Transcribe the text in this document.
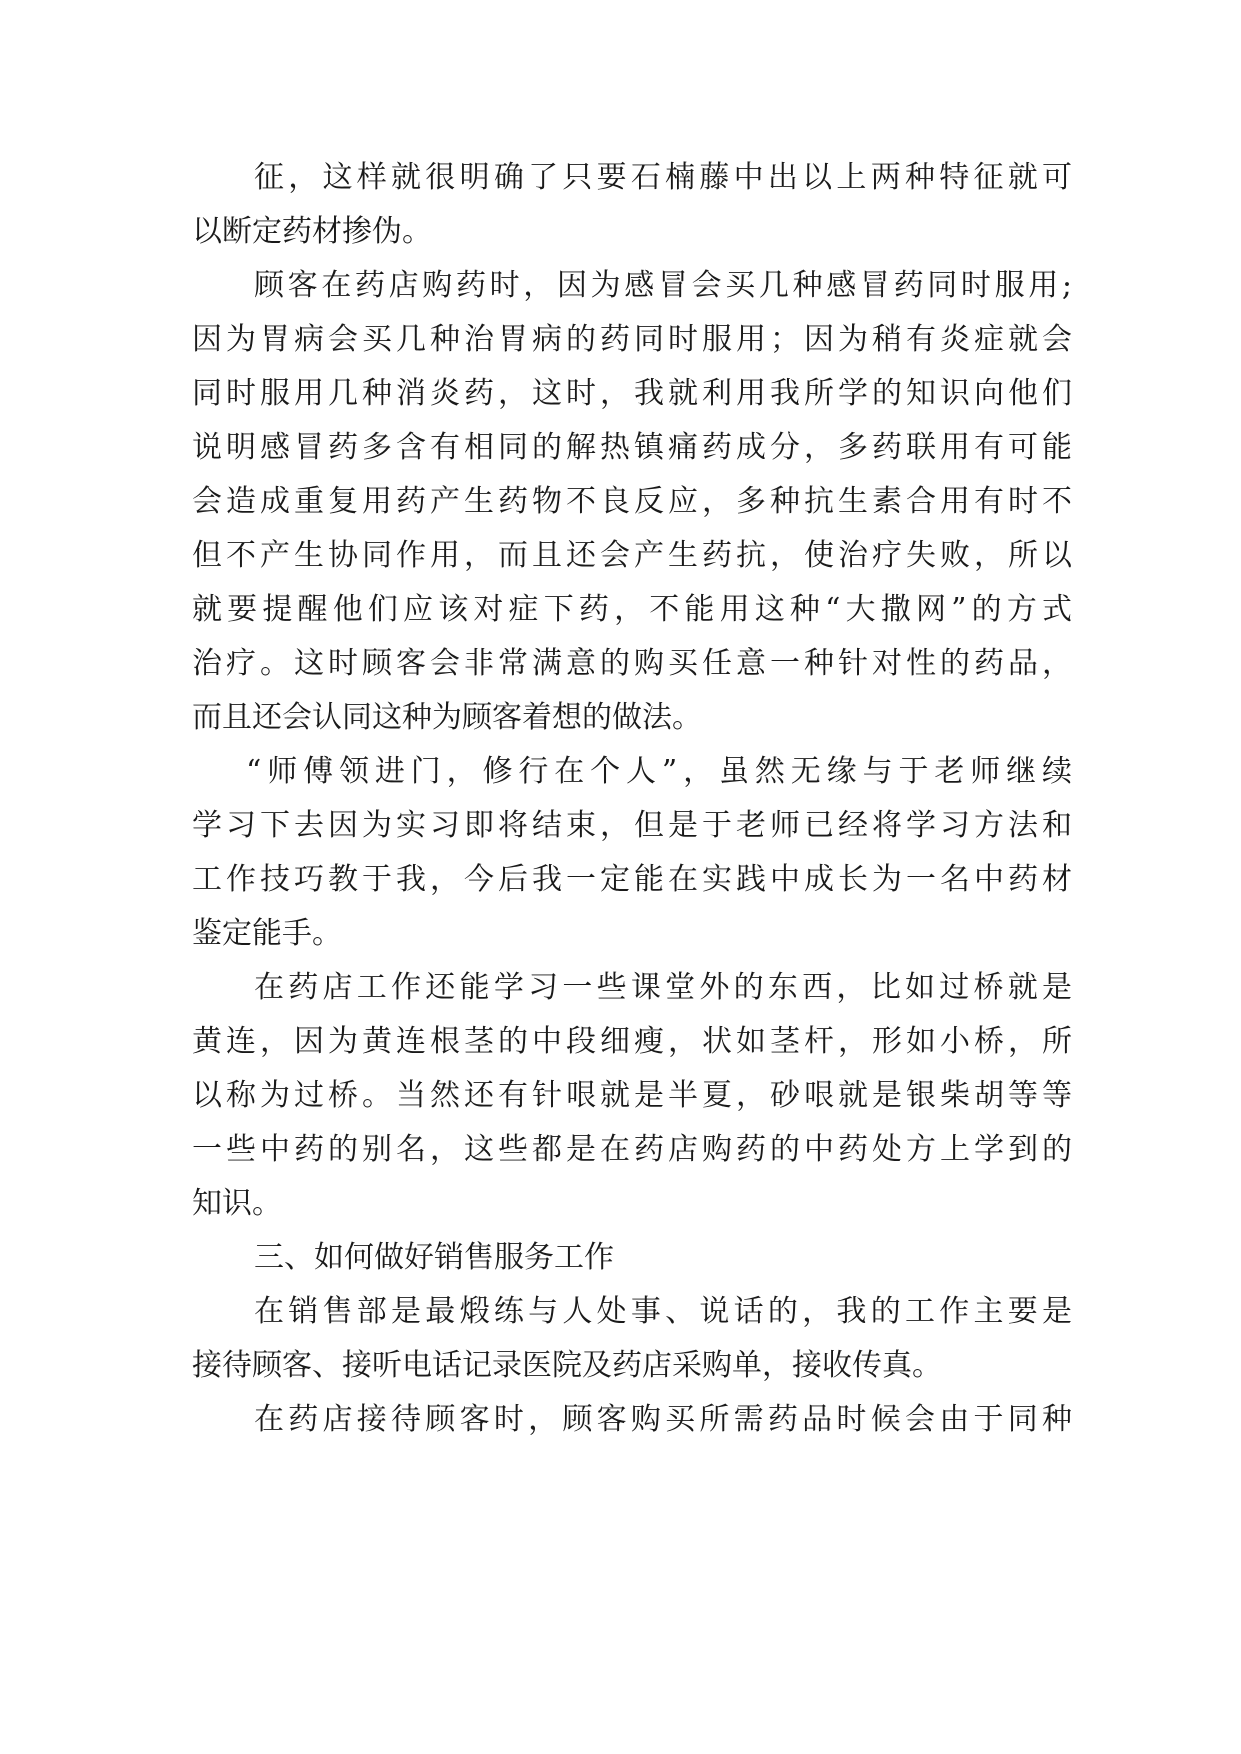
征，这样就很明确了只要石楠藤中出以上两种特征就可
以断定药材掺伪。
顾客在药店购药时，因为感冒会买几种感冒药同时服用;
因为胃病会买几种治胃病的药同时服用；因为稍有炎症就会
同时服用几种消炎药，这时，我就利用我所学的知识向他们
说明感冒药多含有相同的解热镇痛药成分，多药联用有可能
会造成重复用药产生药物不良反应，多种抗生素合用有时不
但不产生协同作用，而且还会产生药抗，使治疗失败，所以
就要提醒他们应该对症下药，不能用这种“大撒网”的方式
治疗。这时顾客会非常满意的购买任意一种针对性的药品，
而且还会认同这种为顾客着想的做法。
“师傅领进门，修行在个人”，虽然无缘与于老师继续
学习下去因为实习即将结束，但是于老师已经将学习方法和
工作技巧教于我，今后我一定能在实践中成长为一名中药材
鉴定能手。
在药店工作还能学习一些课堂外的东西，比如过桥就是
黄连，因为黄连根茎的中段细瘦，状如茎杆，形如小桥，所
以称为过桥。当然还有针哏就是半夏，砂哏就是银柴胡等等
一些中药的别名，这些都是在药店购药的中药处方上学到的
知识。
三、如何做好销售服务工作
在销售部是最煅练与人处事、说话的，我的工作主要是
接待顾客、接听电话记录医院及药店采购单，接收传真。
在药店接待顾客时，顾客购买所需药品时候会由于同种
